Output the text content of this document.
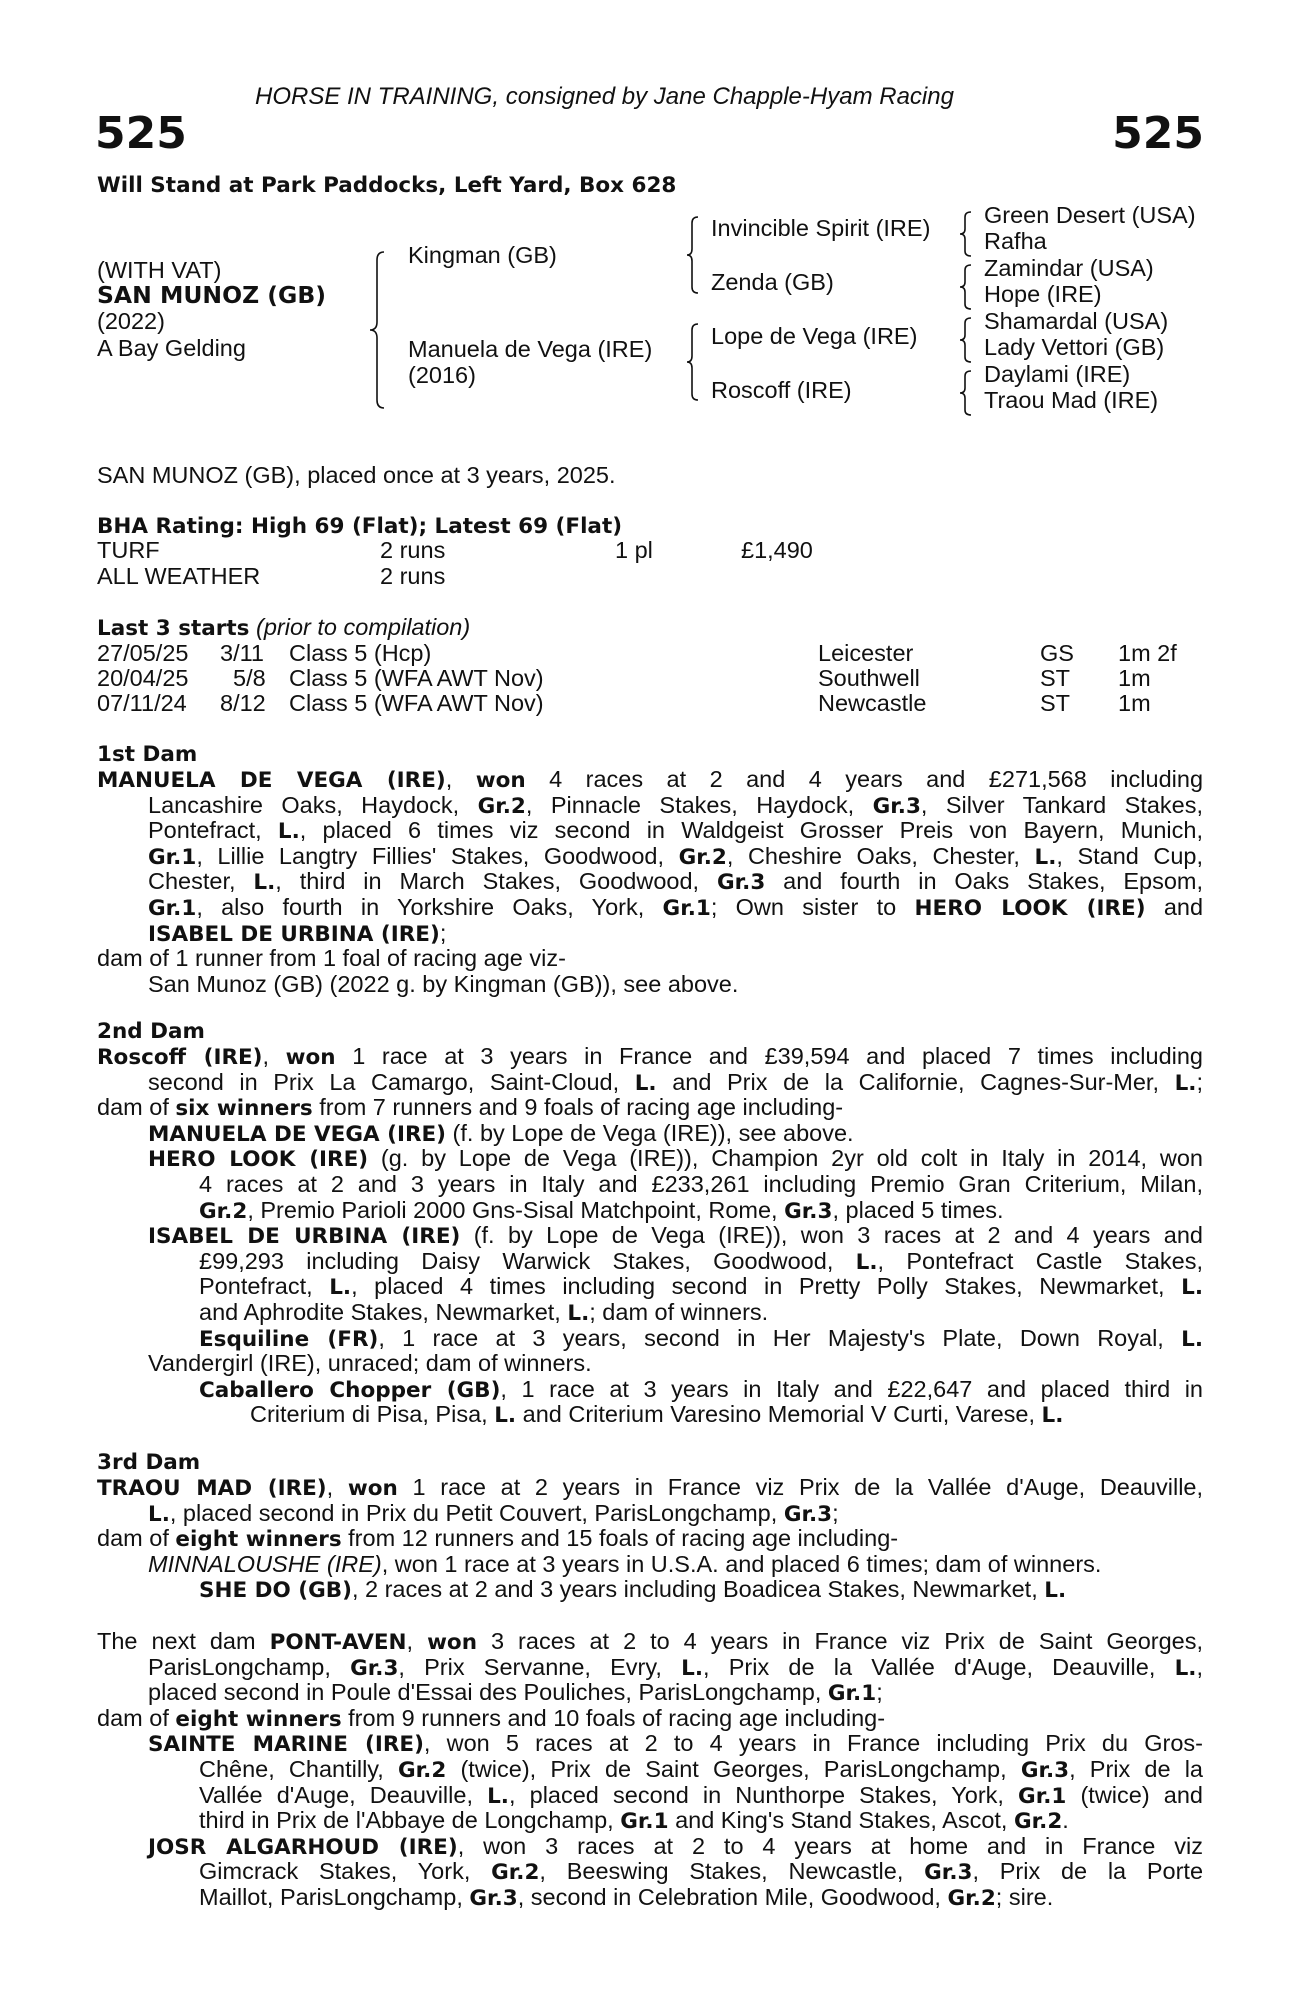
HORSE IN TRAINING, consigned by Jane Chapple-Hyam Racing
525	525
Will Stand at Park Paddocks, Left Yard, Box 628
(WITH VAT)
SAN MUNOZ (GB)
(2022)
A Bay Gelding
Kingman (GB)
Manuela de Vega (IRE)
(2016)
Invincible Spirit (IRE)
Zenda (GB)
Lope de Vega (IRE)
Roscoff (IRE)
Green Desert (USA)
Rafha
Zamindar (USA)
Hope (IRE)
Shamardal (USA)
Lady Vettori (GB)
Daylami (IRE)
Traou Mad (IRE)
SAN MUNOZ (GB), placed once at 3 years, 2025.
BHA Rating: High 69 (Flat); Latest 69 (Flat)
TURF	2 runs	1 pl	£1,490
ALL WEATHER	2 runs
Last 3 starts (prior to compilation)
27/05/25 3/11 Class 5 (Hcp)	Leicester	GS 1m 2f
20/04/25 5/8 Class 5 (WFA AWT Nov)	Southwell	ST 1m
07/11/24 8/12 Class 5 (WFA AWT Nov)	Newcastle	ST 1m
1st Dam
MANUELA DE VEGA (IRE), won 4 races at 2 and 4 years and £271,568 including
Lancashire Oaks, Haydock, Gr.2, Pinnacle Stakes, Haydock, Gr.3, Silver Tankard Stakes,
Pontefract, L., placed 6 times viz second in Waldgeist Grosser Preis von Bayern, Munich,
Gr.1, Lillie Langtry Fillies' Stakes, Goodwood, Gr.2, Cheshire Oaks, Chester, L., Stand Cup,
Chester, L., third in March Stakes, Goodwood, Gr.3 and fourth in Oaks Stakes, Epsom,
Gr.1, also fourth in Yorkshire Oaks, York, Gr.1; Own sister to HERO LOOK (IRE) and
ISABEL DE URBINA (IRE);
dam of 1 runner from 1 foal of racing age viz-
San Munoz (GB) (2022 g. by Kingman (GB)), see above.
2nd Dam
Roscoff (IRE), won 1 race at 3 years in France and £39,594 and placed 7 times including
second in Prix La Camargo, Saint-Cloud, L. and Prix de la Californie, Cagnes-Sur-Mer, L.;
dam of six winners from 7 runners and 9 foals of racing age including-
MANUELA DE VEGA (IRE) (f. by Lope de Vega (IRE)), see above.
HERO LOOK (IRE) (g. by Lope de Vega (IRE)), Champion 2yr old colt in Italy in 2014, won
4 races at 2 and 3 years in Italy and £233,261 including Premio Gran Criterium, Milan,
Gr.2, Premio Parioli 2000 Gns-Sisal Matchpoint, Rome, Gr.3, placed 5 times.
ISABEL DE URBINA (IRE) (f. by Lope de Vega (IRE)), won 3 races at 2 and 4 years and
£99,293 including Daisy Warwick Stakes, Goodwood, L., Pontefract Castle Stakes,
Pontefract, L., placed 4 times including second in Pretty Polly Stakes, Newmarket, L.
and Aphrodite Stakes, Newmarket, L.; dam of winners.
Esquiline (FR), 1 race at 3 years, second in Her Majesty's Plate, Down Royal, L.
Vandergirl (IRE), unraced; dam of winners.
Caballero Chopper (GB), 1 race at 3 years in Italy and £22,647 and placed third in
Criterium di Pisa, Pisa, L. and Criterium Varesino Memorial V Curti, Varese, L.
3rd Dam
TRAOU MAD (IRE), won 1 race at 2 years in France viz Prix de la Vallée d'Auge, Deauville,
L., placed second in Prix du Petit Couvert, ParisLongchamp, Gr.3;
dam of eight winners from 12 runners and 15 foals of racing age including-
MINNALOUSHE (IRE), won 1 race at 3 years in U.S.A. and placed 6 times; dam of winners.
SHE DO (GB), 2 races at 2 and 3 years including Boadicea Stakes, Newmarket, L.
The next dam PONT-AVEN, won 3 races at 2 to 4 years in France viz Prix de Saint Georges,
ParisLongchamp, Gr.3, Prix Servanne, Evry, L., Prix de la Vallée d'Auge, Deauville, L.,
placed second in Poule d'Essai des Pouliches, ParisLongchamp, Gr.1;
dam of eight winners from 9 runners and 10 foals of racing age including-
SAINTE MARINE (IRE), won 5 races at 2 to 4 years in France including Prix du Gros-
Chêne, Chantilly, Gr.2 (twice), Prix de Saint Georges, ParisLongchamp, Gr.3, Prix de la
Vallée d'Auge, Deauville, L., placed second in Nunthorpe Stakes, York, Gr.1 (twice) and
third in Prix de l'Abbaye de Longchamp, Gr.1 and King's Stand Stakes, Ascot, Gr.2.
JOSR ALGARHOUD (IRE), won 3 races at 2 to 4 years at home and in France viz
Gimcrack Stakes, York, Gr.2, Beeswing Stakes, Newcastle, Gr.3, Prix de la Porte
Maillot, ParisLongchamp, Gr.3, second in Celebration Mile, Goodwood, Gr.2; sire.
